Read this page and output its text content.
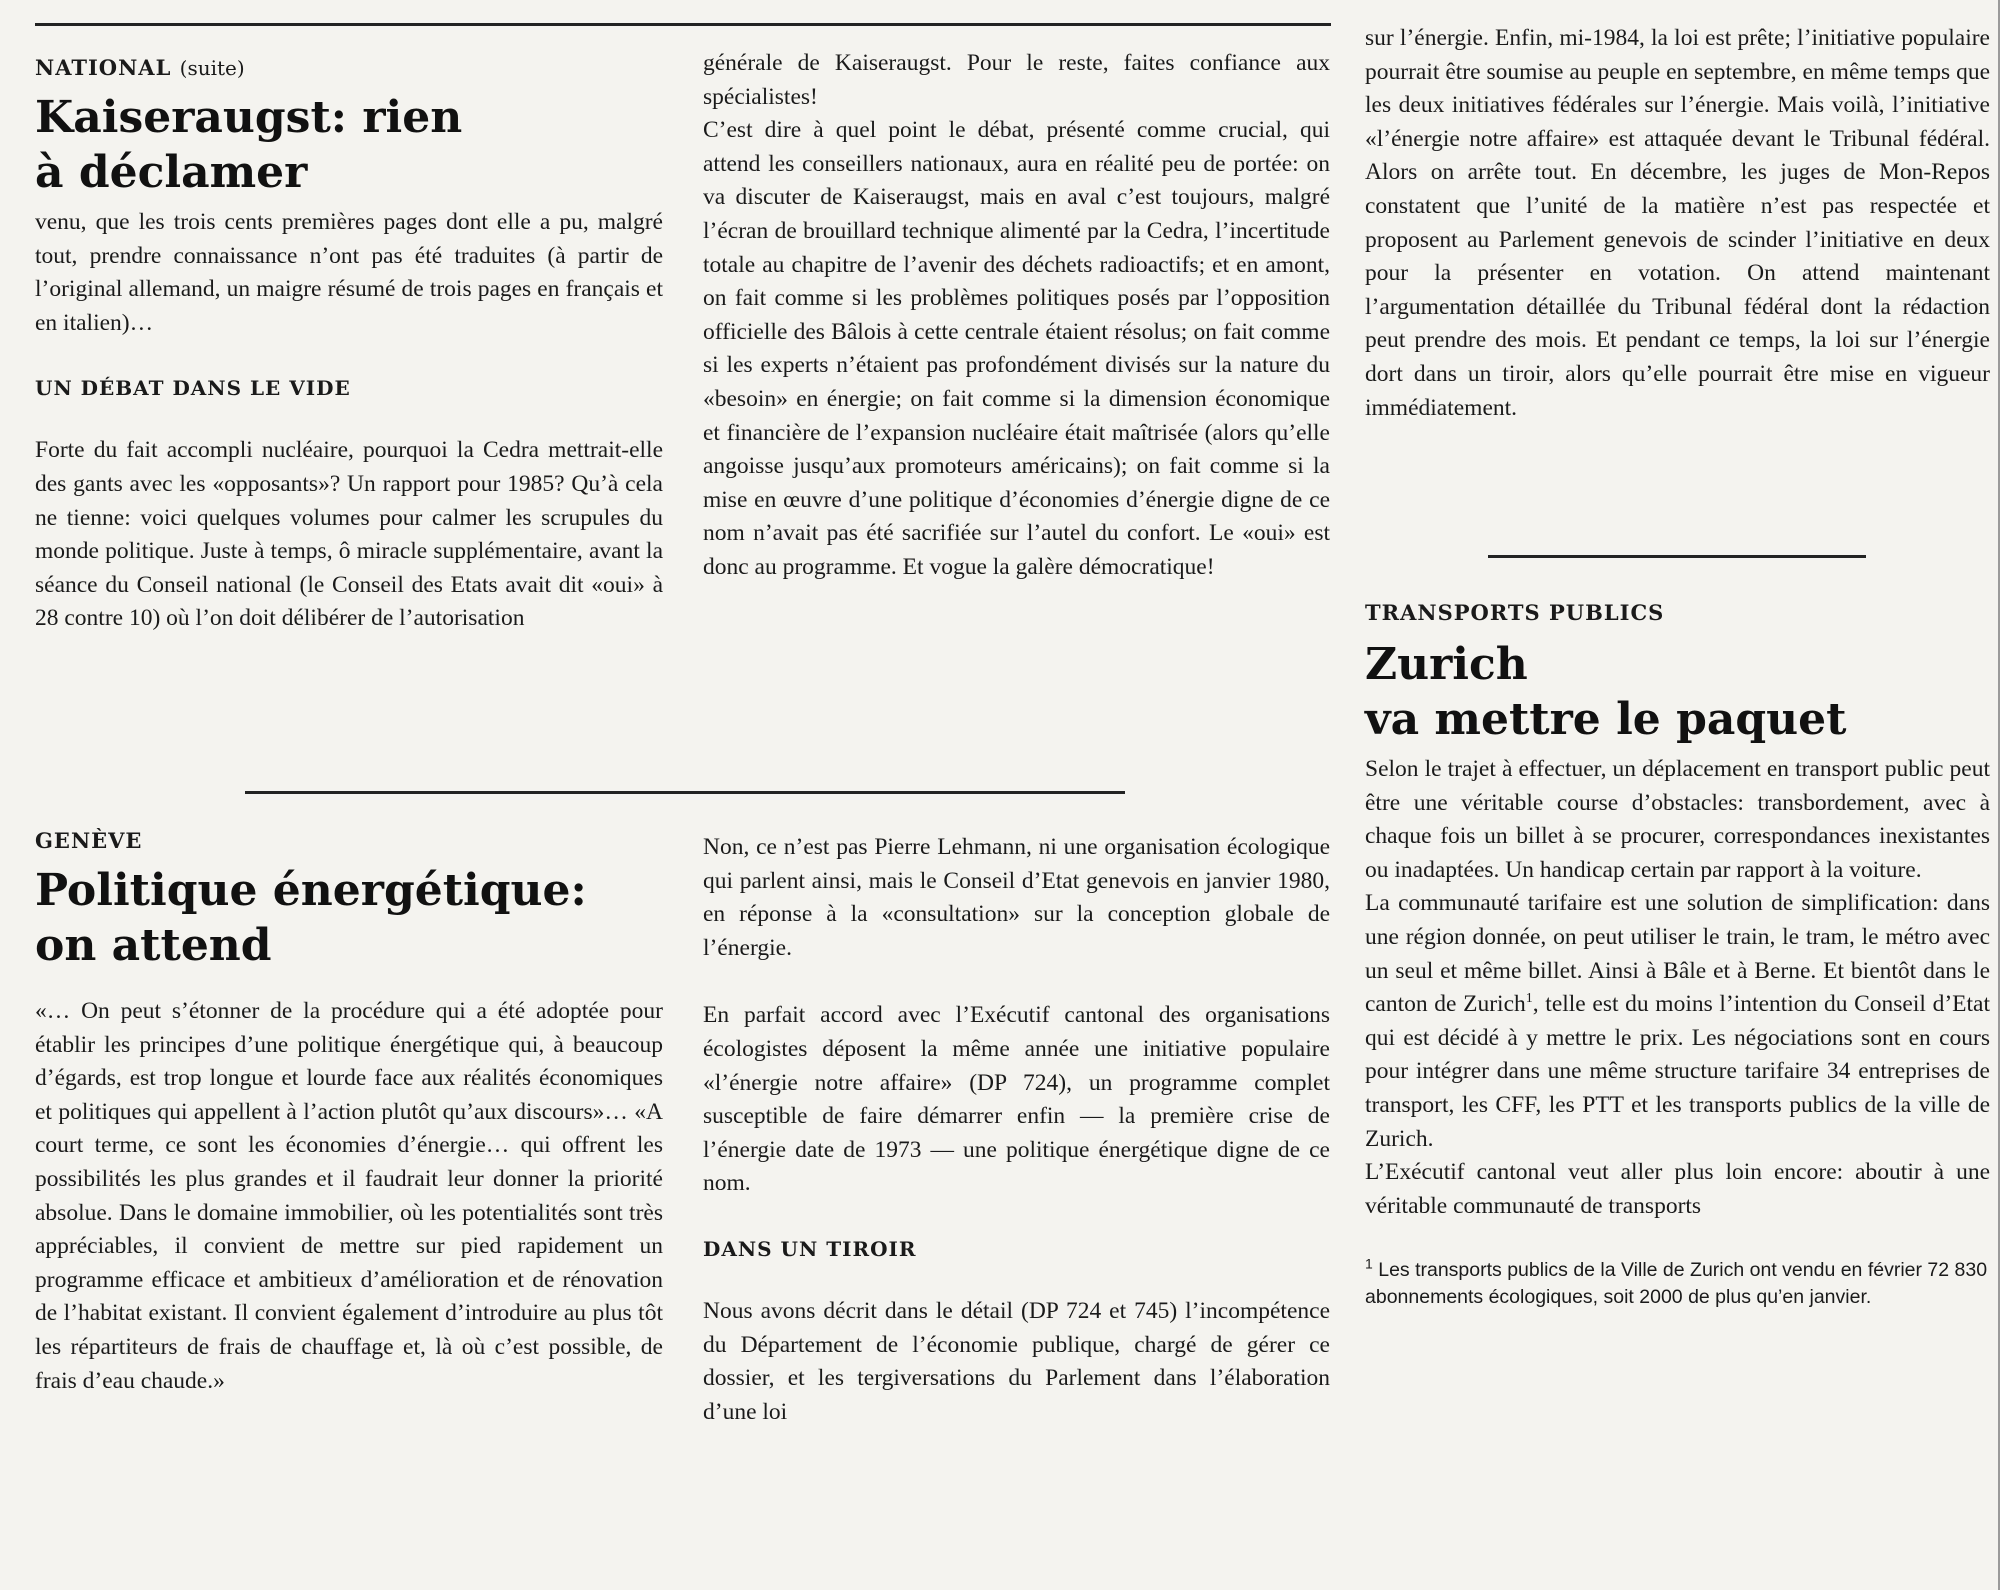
NATIONAL (suite)

Kaiseraugst: rien
à déclamer

venu, que les trois cents premières pages dont elle a pu, malgré tout, prendre connaissance n’ont pas été traduites (à partir de l’original allemand, un maigre résumé de trois pages en français et en italien)…

UN DÉBAT DANS LE VIDE

Forte du fait accompli nucléaire, pourquoi la Cedra mettrait-elle des gants avec les «opposants»? Un rapport pour 1985? Qu’à cela ne tienne: voici quelques volumes pour calmer les scrupules du monde politique. Juste à temps, ô miracle supplémentaire, avant la séance du Conseil national (le Conseil des Etats avait dit «oui» à 28 contre 10) où l’on doit délibérer de l’autorisation

générale de Kaiseraugst. Pour le reste, faites confiance aux spécialistes!

C’est dire à quel point le débat, présenté comme crucial, qui attend les conseillers nationaux, aura en réalité peu de portée: on va discuter de Kaiseraugst, mais en aval c’est toujours, malgré l’écran de brouillard technique alimenté par la Cedra, l’incertitude totale au chapitre de l’avenir des déchets radioactifs; et en amont, on fait comme si les problèmes politiques posés par l’opposition officielle des Bâlois à cette centrale étaient résolus; on fait comme si les experts n’étaient pas profondément divisés sur la nature du «besoin» en énergie; on fait comme si la dimension économique et financière de l’expansion nucléaire était maîtrisée (alors qu’elle angoisse jusqu’aux promoteurs américains); on fait comme si la mise en œuvre d’une politique d’économies d’énergie digne de ce nom n’avait pas été sacrifiée sur l’autel du confort. Le «oui» est donc au programme. Et vogue la galère démocratique!

GENÈVE

Politique énergétique:
on attend

«… On peut s’étonner de la procédure qui a été adoptée pour établir les principes d’une politique énergétique qui, à beaucoup d’égards, est trop longue et lourde face aux réalités économiques et politiques qui appellent à l’action plutôt qu’aux discours»… «A court terme, ce sont les économies d’énergie… qui offrent les possibilités les plus grandes et il faudrait leur donner la priorité absolue. Dans le domaine immobilier, où les potentialités sont très appréciables, il convient de mettre sur pied rapidement un programme efficace et ambitieux d’amélioration et de rénovation de l’habitat existant. Il convient également d’introduire au plus tôt les répartiteurs de frais de chauffage et, là où c’est possible, de frais d’eau chaude.»

Non, ce n’est pas Pierre Lehmann, ni une organisation écologique qui parlent ainsi, mais le Conseil d’Etat genevois en janvier 1980, en réponse à la «consultation» sur la conception globale de l’énergie.

En parfait accord avec l’Exécutif cantonal des organisations écologistes déposent la même année une initiative populaire «l’énergie notre affaire» (DP 724), un programme complet susceptible de faire démarrer enfin — la première crise de l’énergie date de 1973 — une politique énergétique digne de ce nom.

DANS UN TIROIR

Nous avons décrit dans le détail (DP 724 et 745) l’incompétence du Département de l’économie publique, chargé de gérer ce dossier, et les tergiversations du Parlement dans l’élaboration d’une loi

sur l’énergie. Enfin, mi-1984, la loi est prête; l’initiative populaire pourrait être soumise au peuple en septembre, en même temps que les deux initiatives fédérales sur l’énergie. Mais voilà, l’initiative «l’énergie notre affaire» est attaquée devant le Tribunal fédéral. Alors on arrête tout. En décembre, les juges de Mon-Repos constatent que l’unité de la matière n’est pas respectée et proposent au Parlement genevois de scinder l’initiative en deux pour la présenter en votation. On attend maintenant l’argumentation détaillée du Tribunal fédéral dont la rédaction peut prendre des mois. Et pendant ce temps, la loi sur l’énergie dort dans un tiroir, alors qu’elle pourrait être mise en vigueur immédiatement.

TRANSPORTS PUBLICS

Zurich
va mettre le paquet

Selon le trajet à effectuer, un déplacement en transport public peut être une véritable course d’obstacles: transbordement, avec à chaque fois un billet à se procurer, correspondances inexistantes ou inadaptées. Un handicap certain par rapport à la voiture.

La communauté tarifaire est une solution de simplification: dans une région donnée, on peut utiliser le train, le tram, le métro avec un seul et même billet. Ainsi à Bâle et à Berne. Et bientôt dans le canton de Zurich$^1$, telle est du moins l’intention du Conseil d’Etat qui est décidé à y mettre le prix. Les négociations sont en cours pour intégrer dans une même structure tarifaire 34 entreprises de transport, les CFF, les PTT et les transports publics de la ville de Zurich.

L’Exécutif cantonal veut aller plus loin encore: aboutir à une véritable communauté de transports

$^1$ Les transports publics de la Ville de Zurich ont vendu en février 72 830 abonnements écologiques, soit 2000 de plus qu’en janvier.
